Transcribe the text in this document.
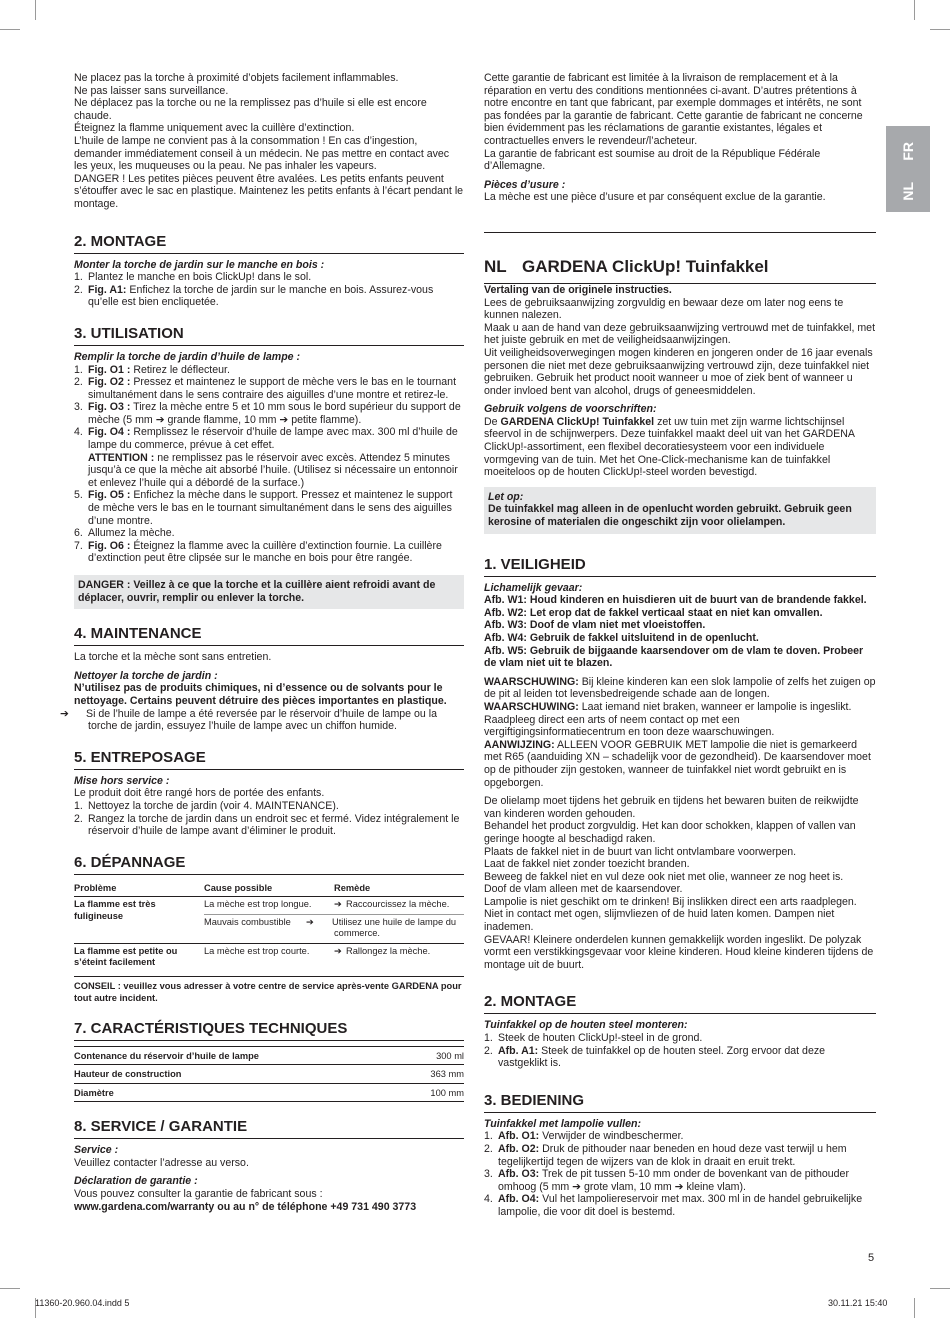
FR
NL

Ne placez pas la torche à proximité d’objets facilement inflammables.

Ne pas laisser sans surveillance.

Ne déplacez pas la torche ou ne la remplissez pas d’huile si elle est encore chaude.

Éteignez la flamme uniquement avec la cuillère d’extinction.

L’huile de lampe ne convient pas à la consommation ! En cas d’ingestion, demander immédiatement conseil à un médecin. Ne pas mettre en contact avec les yeux, les muqueuses ou la peau. Ne pas inhaler les vapeurs.

DANGER ! Les petites pièces peuvent être avalées. Les petits enfants peuvent s’étouffer avec le sac en plastique. Maintenez les petits enfants à l’écart pendant le montage.

2. MONTAGE

Monter la torche de jardin sur le manche en bois :

1. Plantez le manche en bois ClickUp! dans le sol.
2. Fig. A1: Enfichez la torche de jardin sur le manche en bois. Assurez-vous qu’elle est bien encliquetée.
3. UTILISATION

Remplir la torche de jardin d’huile de lampe :

1. Fig. O1 : Retirez le déflecteur.
2. Fig. O2 : Pressez et maintenez le support de mèche vers le bas en le tournant simultanément dans le sens contraire des aiguilles d’une montre et retirez-le.
3. Fig. O3 : Tirez la mèche entre 5 et 10 mm sous le bord supérieur du support de mèche (5 mm ➔ grande flamme, 10 mm ➔ petite flamme).
4. Fig. O4 : Remplissez le réservoir d’huile de lampe avec max. 300 ml d’huile de lampe du commerce, prévue à cet effet.
ATTENTION : ne remplissez pas le réservoir avec excès. Attendez 5 minutes jusqu’à ce que la mèche ait absorbé l’huile. (Utilisez si nécessaire un entonnoir et enlevez l’huile qui a débordé de la surface.)
5. Fig. O5 : Enfichez la mèche dans le support. Pressez et maintenez le support de mèche vers le bas en le tournant simultanément dans le sens des aiguilles d’une montre.
6. Allumez la mèche.
7. Fig. O6 : Éteignez la flamme avec la cuillère d’extinction fournie. La cuillère d’extinction peut être clipsée sur le manche en bois pour être rangée.
DANGER : Veillez à ce que la torche et la cuillère aient refroidi avant de déplacer, ouvrir, remplir ou enlever la torche.
4. MAINTENANCE

La torche et la mèche sont sans entretien.

Nettoyer la torche de jardin :

N’utilisez pas de produits chimiques, ni d’essence ou de solvants pour le nettoyage. Certains peuvent détruire des pièces importantes en plastique.

➔ Si de l’huile de lampe a été reversée par le réservoir d’huile de lampe ou la torche de jardin, essuyez l’huile de lampe avec un chiffon humide.

5. ENTREPOSAGE

Mise hors service :

Le produit doit être rangé hors de portée des enfants.

1. Nettoyez la torche de jardin (voir 4. MAINTENANCE).
2. Rangez la torche de jardin dans un endroit sec et fermé. Videz intégralement le réservoir d’huile de lampe avant d’éliminer le produit.
6. DÉPANNAGE
Problème	Cause possible	Remède
La flamme est très fuligineuse	La mèche est trop longue.	➔ Raccourcissez la mèche.
	Mauvais combustible	➔ Utilisez une huile de lampe du commerce.
La flamme est petite ou s’éteint facilement	La mèche est trop courte.	➔ Rallongez la mèche.

CONSEIL : veuillez vous adresser à votre centre de service après-vente GARDENA pour tout autre incident.

7. CARACTÉRISTIQUES TECHNIQUES
Contenance du réservoir d’huile de lampe	300 ml
Hauteur de construction	363 mm
Diamètre	100 mm
8. SERVICE / GARANTIE

Service :

Veuillez contacter l’adresse au verso.

Déclaration de garantie :

Vous pouvez consulter la garantie de fabricant sous :

www.gardena.com/warranty ou au n° de téléphone +49 731 490 3773

Cette garantie de fabricant est limitée à la livraison de remplacement et à la réparation en vertu des conditions mentionnées ci-avant. D’autres prétentions à notre encontre en tant que fabricant, par exemple dommages et intérêts, ne sont pas fondées par la garantie de fabricant. Cette garantie de fabricant ne concerne bien évidemment pas les réclamations de garantie existantes, légales et contractuelles envers le revendeur/l’acheteur.

La garantie de fabricant est soumise au droit de la République Fédérale d’Allemagne.

Pièces d’usure :

La mèche est une pièce d’usure et par conséquent exclue de la garantie.

NL GARDENA ClickUp! Tuinfakkel

Vertaling van de originele instructies.

Lees de gebruiksaanwijzing zorgvuldig en bewaar deze om later nog eens te kunnen nalezen.

Maak u aan de hand van deze gebruiksaanwijzing vertrouwd met de tuinfakkel, met het juiste gebruik en met de veiligheidsaanwijzingen.

Uit veiligheidsoverwegingen mogen kinderen en jongeren onder de 16 jaar evenals personen die niet met deze gebruiksaanwijzing vertrouwd zijn, deze tuinfakkel niet gebruiken. Gebruik het product nooit wanneer u moe of ziek bent of wanneer u onder invloed bent van alcohol, drugs of geneesmiddelen.

Gebruik volgens de voorschriften:

De GARDENA ClickUp! Tuinfakkel zet uw tuin met zijn warme lichtschijnsel sfeervol in de schijnwerpers. Deze tuinfakkel maakt deel uit van het GARDENA ClickUp!-assortiment, een flexibel decoratiesysteem voor een individuele vormgeving van de tuin. Met het One-Click-mechanisme kan de tuinfakkel moeiteloos op de houten ClickUp!-steel worden bevestigd.

Let op:

De tuinfakkel mag alleen in de openlucht worden gebruikt. Gebruik geen kerosine of materialen die ongeschikt zijn voor olielampen.

1. VEILIGHEID

Lichamelijk gevaar:

Afb. W1: Houd kinderen en huisdieren uit de buurt van de brandende fakkel.

Afb. W2: Let erop dat de fakkel verticaal staat en niet kan omvallen.

Afb. W3: Doof de vlam niet met vloeistoffen.

Afb. W4: Gebruik de fakkel uitsluitend in de openlucht.

Afb. W5: Gebruik de bijgaande kaarsendover om de vlam te doven. Probeer de vlam niet uit te blazen.

WAARSCHUWING: Bij kleine kinderen kan een slok lampolie of zelfs het zuigen op de pit al leiden tot levensbedreigende schade aan de longen.

WAARSCHUWING: Laat iemand niet braken, wanneer er lampolie is ingeslikt. Raadpleeg direct een arts of neem contact op met een vergiftigingsinformatiecentrum en toon deze waarschuwingen.

AANWIJZING: ALLEEN VOOR GEBRUIK MET lampolie die niet is gemarkeerd met R65 (aanduiding XN – schadelijk voor de gezondheid). De kaarsendover moet op de pithouder zijn gestoken, wanneer de tuinfakkel niet wordt gebruikt en is opgeborgen.

De olielamp moet tijdens het gebruik en tijdens het bewaren buiten de reikwijdte van kinderen worden gehouden.

Behandel het product zorgvuldig. Het kan door schokken, klappen of vallen van geringe hoogte al beschadigd raken.

Plaats de fakkel niet in de buurt van licht ontvlambare voorwerpen.

Laat de fakkel niet zonder toezicht branden.

Beweeg de fakkel niet en vul deze ook niet met olie, wanneer ze nog heet is.

Doof de vlam alleen met de kaarsendover.

Lampolie is niet geschikt om te drinken! Bij inslikken direct een arts raadplegen. Niet in contact met ogen, slijmvliezen of de huid laten komen. Dampen niet inademen.

GEVAAR! Kleinere onderdelen kunnen gemakkelijk worden ingeslikt. De polyzak vormt een verstikkingsgevaar voor kleine kinderen. Houd kleine kinderen tijdens de montage uit de buurt.

2. MONTAGE

Tuinfakkel op de houten steel monteren:

1. Steek de houten ClickUp!-steel in de grond.
2. Afb. A1: Steek de tuinfakkel op de houten steel. Zorg ervoor dat deze vastgeklikt is.
3. BEDIENING

Tuinfakkel met lampolie vullen:

1. Afb. O1: Verwijder de windbeschermer.
2. Afb. O2: Druk de pithouder naar beneden en houd deze vast terwijl u hem tegelijkertijd tegen de wijzers van de klok in draait en eruit trekt.
3. Afb. O3: Trek de pit tussen 5-10 mm onder de bovenkant van de pithouder omhoog (5 mm ➔ grote vlam, 10 mm ➔ kleine vlam).
4. Afb. O4: Vul het lampoliereservoir met max. 300 ml in de handel gebruikelijke lampolie, die voor dit doel is bestemd.
5
11360-20.960.04.indd 5	30.11.21 15:40
